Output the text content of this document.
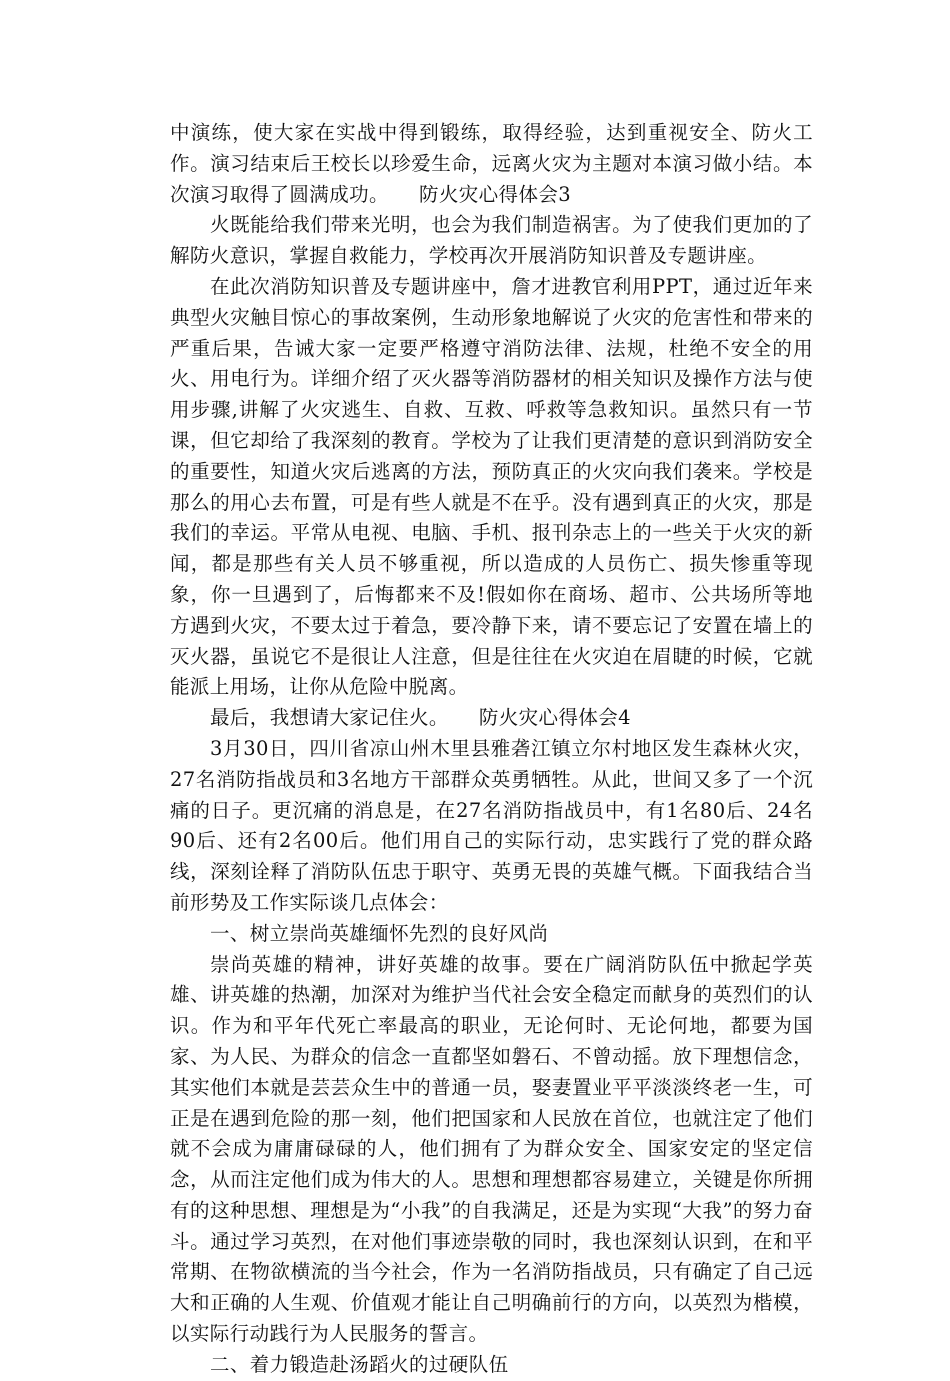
中演练，使大家在实战中得到锻练，取得经验，达到重视安全、防火工作。演习结束后王校长以珍爱生命，远离火灾为主题对本演习做小结。本次演习取得了圆满成功。　　防火灾心得体会3

火既能给我们带来光明，也会为我们制造祸害。为了使我们更加的了解防火意识，掌握自救能力，学校再次开展消防知识普及专题讲座。

在此次消防知识普及专题讲座中，詹才进教官利用PPT，通过近年来典型火灾触目惊心的事故案例，生动形象地解说了火灾的危害性和带来的严重后果，告诫大家一定要严格遵守消防法律、法规，杜绝不安全的用火、用电行为。详细介绍了灭火器等消防器材的相关知识及操作方法与使用步骤,讲解了火灾逃生、自救、互救、呼救等急救知识。虽然只有一节课，但它却给了我深刻的教育。学校为了让我们更清楚的意识到消防安全的重要性，知道火灾后逃离的方法，预防真正的火灾向我们袭来。学校是那么的用心去布置，可是有些人就是不在乎。没有遇到真正的火灾，那是我们的幸运。平常从电视、电脑、手机、报刊杂志上的一些关于火灾的新闻，都是那些有关人员不够重视，所以造成的人员伤亡、损失惨重等现象，你一旦遇到了，后悔都来不及!假如你在商场、超市、公共场所等地方遇到火灾，不要太过于着急，要冷静下来，请不要忘记了安置在墙上的灭火器，虽说它不是很让人注意，但是往往在火灾迫在眉睫的时候，它就能派上用场，让你从危险中脱离。

最后，我想请大家记住火。　　防火灾心得体会4

3月30日，四川省凉山州木里县雅砻江镇立尔村地区发生森林火灾，27名消防指战员和3名地方干部群众英勇牺牲。从此，世间又多了一个沉痛的日子。更沉痛的消息是，在27名消防指战员中，有1名80后、24名90后、还有2名00后。他们用自己的实际行动，忠实践行了党的群众路线，深刻诠释了消防队伍忠于职守、英勇无畏的英雄气概。下面我结合当前形势及工作实际谈几点体会：

一、树立崇尚英雄缅怀先烈的良好风尚

崇尚英雄的精神，讲好英雄的故事。要在广阔消防队伍中掀起学英雄、讲英雄的热潮，加深对为维护当代社会安全稳定而献身的英烈们的认识。作为和平年代死亡率最高的职业，无论何时、无论何地，都要为国家、为人民、为群众的信念一直都坚如磐石、不曾动摇。放下理想信念，其实他们本就是芸芸众生中的普通一员，娶妻置业平平淡淡终老一生，可正是在遇到危险的那一刻，他们把国家和人民放在首位，也就注定了他们就不会成为庸庸碌碌的人，他们拥有了为群众安全、国家安定的坚定信念，从而注定他们成为伟大的人。思想和理想都容易建立，关键是你所拥有的这种思想、理想是为“小我”的自我满足，还是为实现“大我”的努力奋斗。通过学习英烈，在对他们事迹崇敬的同时，我也深刻认识到，在和平常期、在物欲横流的当今社会，作为一名消防指战员，只有确定了自己远大和正确的人生观、价值观才能让自己明确前行的方向，以英烈为楷模，以实际行动践行为人民服务的誓言。

二、着力锻造赴汤蹈火的过硬队伍
